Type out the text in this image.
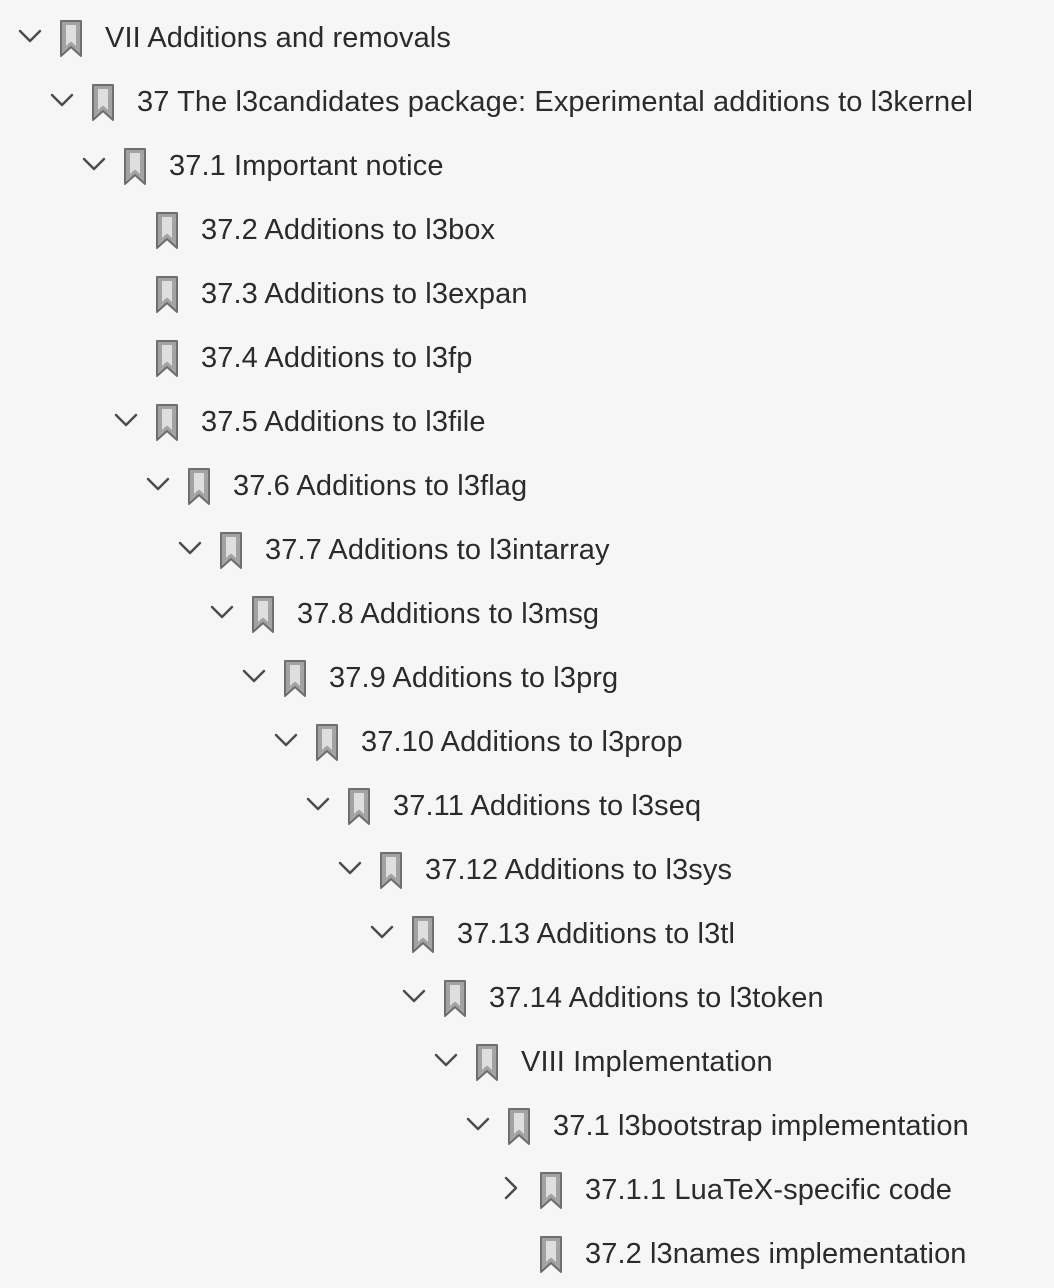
VII Additions and removals
37 The l3candidates package: Experimental additions to l3kernel
37.1 Important notice
37.2 Additions to l3box
37.3 Additions to l3expan
37.4 Additions to l3fp
37.5 Additions to l3file
37.6 Additions to l3flag
37.7 Additions to l3intarray
37.8 Additions to l3msg
37.9 Additions to l3prg
37.10 Additions to l3prop
37.11 Additions to l3seq
37.12 Additions to l3sys
37.13 Additions to l3tl
37.14 Additions to l3token
VIII Implementation
37.1 l3bootstrap implementation
37.1.1 LuaTeX-specific code
37.2 l3names implementation
